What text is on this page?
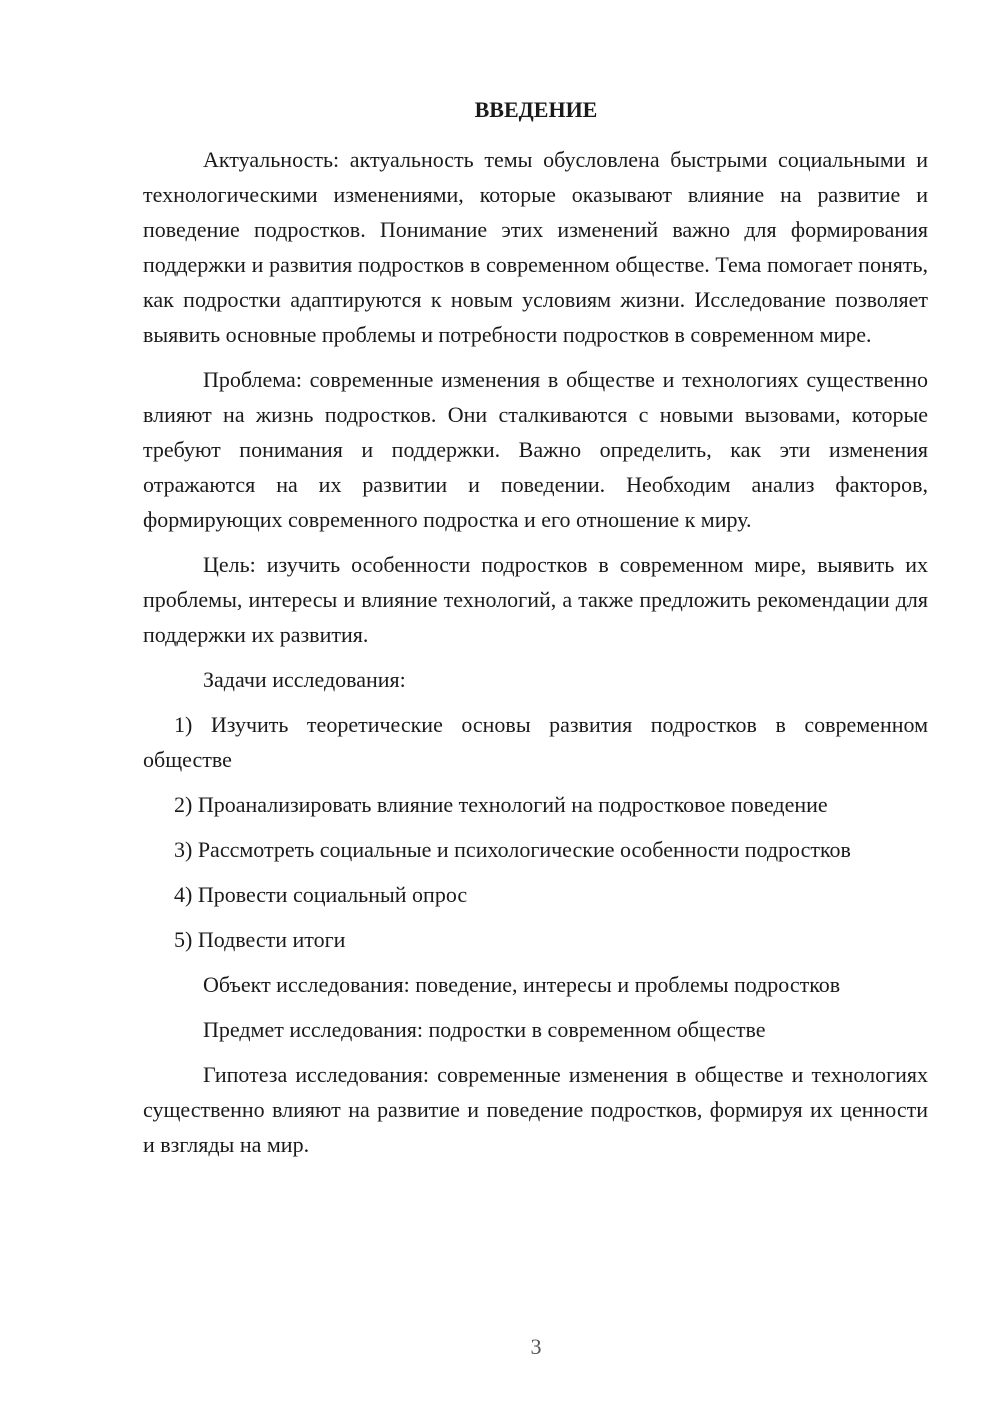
ВВЕДЕНИЕ

Актуальность: актуальность темы обусловлена быстрыми социальными и технологическими изменениями, которые оказывают влияние на развитие и поведение подростков. Понимание этих изменений важно для формирования поддержки и развития подростков в современном обществе. Тема помогает понять, как подростки адаптируются к новым условиям жизни. Исследование позволяет выявить основные проблемы и потребности подростков в современном мире.

Проблема: современные изменения в обществе и технологиях существенно влияют на жизнь подростков. Они сталкиваются с новыми вызовами, которые требуют понимания и поддержки. Важно определить, как эти изменения отражаются на их развитии и поведении. Необходим анализ факторов, формирующих современного подростка и его отношение к миру.

Цель: изучить особенности подростков в современном мире, выявить их проблемы, интересы и влияние технологий, а также предложить рекомендации для поддержки их развития.

Задачи исследования:

1) Изучить теоретические основы развития подростков в современном обществе

2) Проанализировать влияние технологий на подростковое поведение

3) Рассмотреть социальные и психологические особенности подростков

4) Провести социальный опрос

5) Подвести итоги

Объект исследования: поведение, интересы и проблемы подростков

Предмет исследования: подростки в современном обществе

Гипотеза исследования: современные изменения в обществе и технологиях существенно влияют на развитие и поведение подростков, формируя их ценности и взгляды на мир.

3
